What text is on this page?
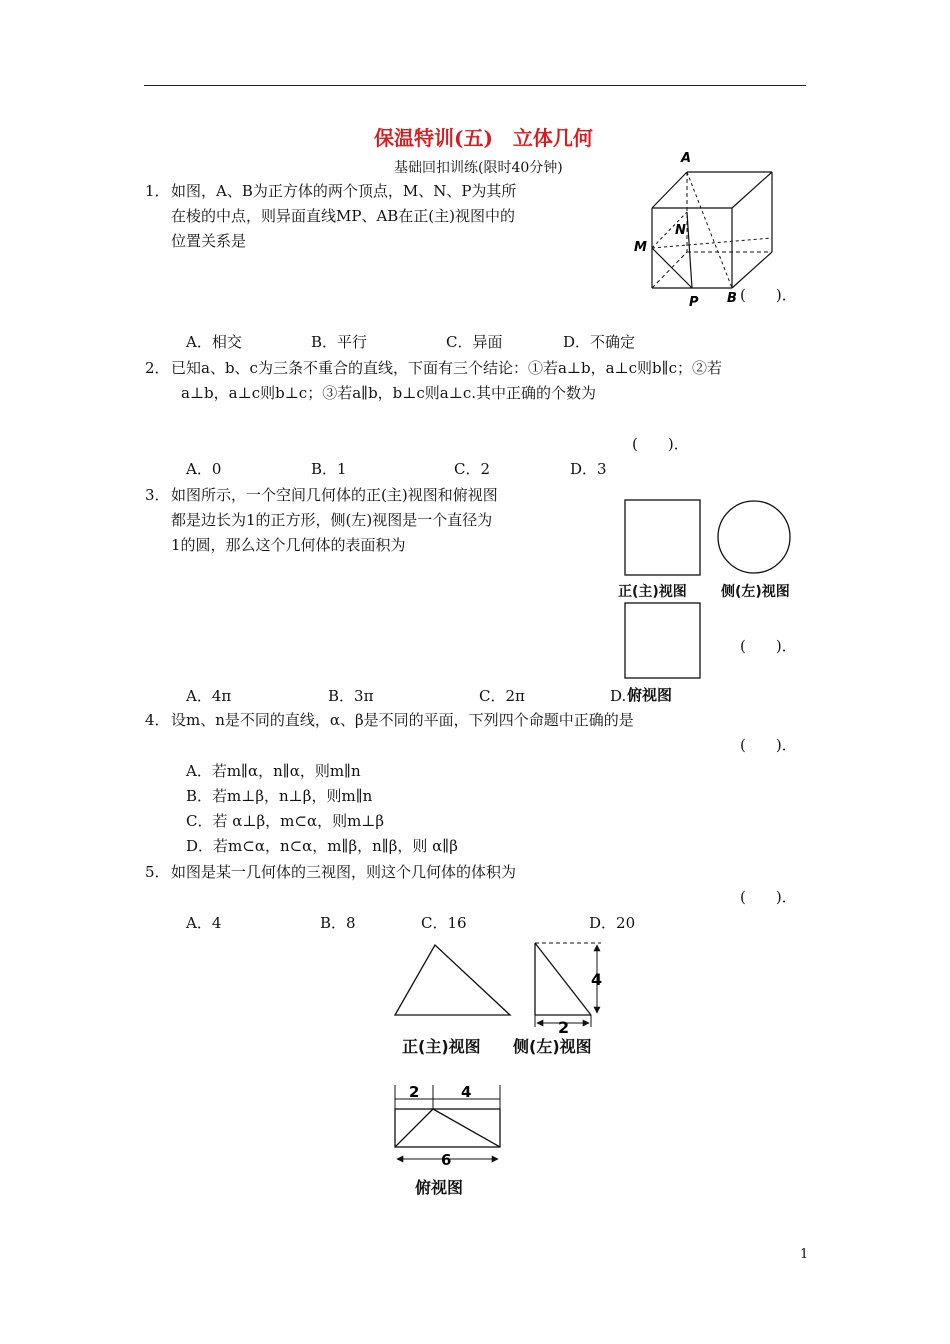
保温特训(五)　立体几何
基础回扣训练(限时40分钟)
1． 如图，A、B为正方体的两个顶点，M、N、P为其所
在棱的中点，则异面直线MP、AB在正(主)视图中的
位置关系是
A
N
M
P B (　　)．
A．相交	B．平行	C．异面	D．不确定
2． 已知a、b、c为三条不重合的直线，下面有三个结论：①若a⊥b，a⊥c则b∥c；②若
a⊥b，a⊥c则b⊥c；③若a∥b，b⊥c则a⊥c.其中正确的个数为
(　　)．
A．0	B．1	C．2	D．3
3． 如图所示，一个空间几何体的正(主)视图和俯视图
都是边长为1的正方形，侧(左)视图是一个直径为
1的圆，那么这个几何体的表面积为
正(主)视图 侧(左)视图
(　　)．
A．4π	B．3π	C．2π	D. 俯视图
4． 设m、n是不同的直线，α、β是不同的平面，下列四个命题中正确的是
(　　)．
A．若m∥α，n∥α，则m∥n
B．若m⊥β，n⊥β，则m∥n
C．若 α⊥β，m⊂α，则m⊥β
D．若m⊂α，n⊂α，m∥β，n∥β，则 α∥β
5． 如图是某一几何体的三视图，则这个几何体的体积为
(　　)．
A．4	B．8	C．16	D．20
4
2
2	4
6
正(主)视图 侧(左)视图
俯视图
1
